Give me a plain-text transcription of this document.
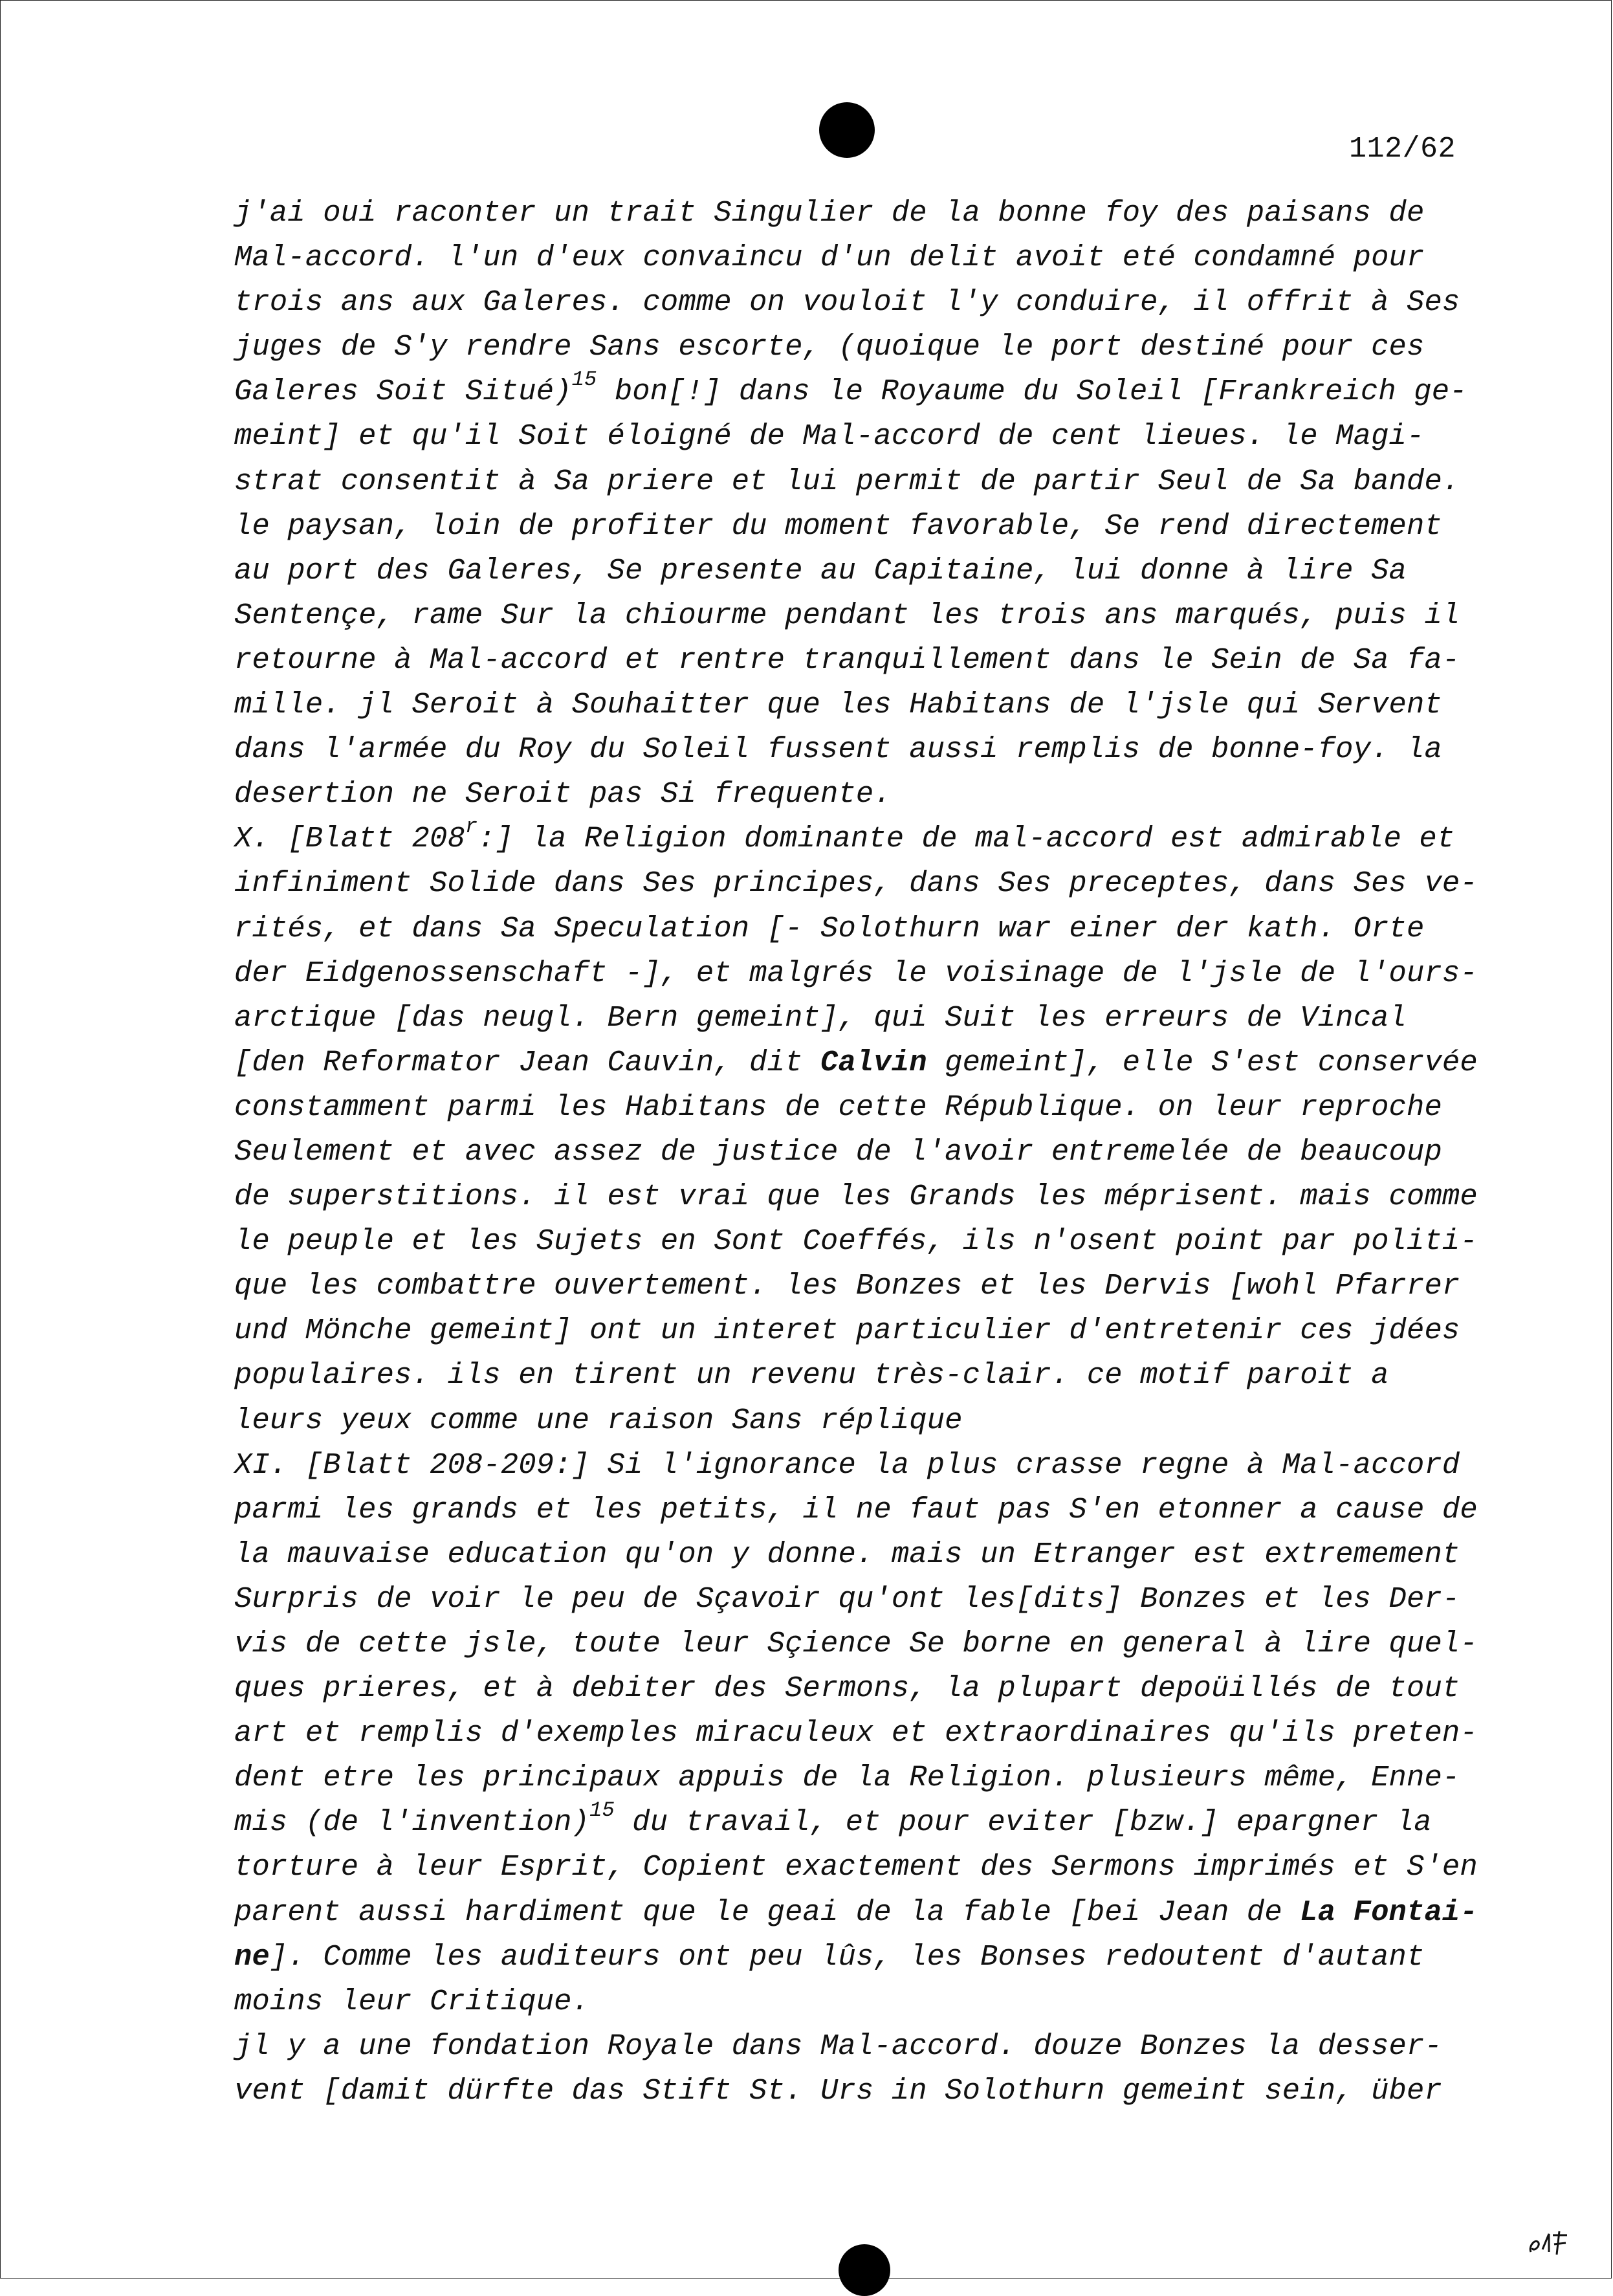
112/62
j'ai oui raconter un trait Singulier de la bonne foy des paisans de
Mal-accord. l'un d'eux convaincu d'un delit avoit eté condamné pour
trois ans aux Galeres. comme on vouloit l'y conduire, il offrit à Ses
juges de S'y rendre Sans escorte, (quoique le port destiné pour ces
Galeres Soit Situé)$^{15}$ bon[!] dans le Royaume du Soleil [Frankreich ge-
meint] et qu'il Soit éloigné de Mal-accord de cent lieues. le Magi-
strat consentit à Sa priere et lui permit de partir Seul de Sa bande.
le paysan, loin de profiter du moment favorable, Se rend directement
au port des Galeres, Se presente au Capitaine, lui donne à lire Sa
Sentençe, rame Sur la chiourme pendant les trois ans marqués, puis il
retourne à Mal-accord et rentre tranquillement dans le Sein de Sa fa-
mille. jl Seroit à Souhaitter que les Habitans de l'jsle qui Servent
dans l'armée du Roy du Soleil fussent aussi remplis de bonne-foy. la
desertion ne Seroit pas Si frequente.
X. [Blatt 208$^r$:] la Religion dominante de mal-accord est admirable et
infiniment Solide dans Ses principes, dans Ses preceptes, dans Ses ve-
rités, et dans Sa Speculation [- Solothurn war einer der kath. Orte
der Eidgenossenschaft -], et malgrés le voisinage de l'jsle de l'ours-
arctique [das neugl. Bern gemeint], qui Suit les erreurs de Vincal
[den Reformator Jean Cauvin, dit Calvin gemeint], elle S'est conservée
constamment parmi les Habitans de cette République. on leur reproche
Seulement et avec assez de justice de l'avoir entremelée de beaucoup
de superstitions. il est vrai que les Grands les méprisent. mais comme
le peuple et les Sujets en Sont Coeffés, ils n'osent point par politi-
que les combattre ouvertement. les Bonzes et les Dervis [wohl Pfarrer
und Mönche gemeint] ont un interet particulier d'entretenir ces jdées
populaires. ils en tirent un revenu très-clair. ce motif paroit a
leurs yeux comme une raison Sans réplique
XI. [Blatt 208-209:] Si l'ignorance la plus crasse regne à Mal-accord
parmi les grands et les petits, il ne faut pas S'en etonner a cause de
la mauvaise education qu'on y donne. mais un Etranger est extremement
Surpris de voir le peu de Sçavoir qu'ont les[dits] Bonzes et les Der-
vis de cette jsle, toute leur Sçience Se borne en general à lire quel-
ques prieres, et à debiter des Sermons, la plupart depoüillés de tout
art et remplis d'exemples miraculeux et extraordinaires qu'ils preten-
dent etre les principaux appuis de la Religion. plusieurs même, Enne-
mis (de l'invention)$^{15}$ du travail, et pour eviter [bzw.] epargner la
torture à leur Esprit, Copient exactement des Sermons imprimés et S'en
parent aussi hardiment que le geai de la fable [bei Jean de La Fontai-
ne]. Comme les auditeurs ont peu lûs, les Bonses redoutent d'autant
moins leur Critique.
jl y a une fondation Royale dans Mal-accord. douze Bonzes la desser-
vent [damit dürfte das Stift St. Urs in Solothurn gemeint sein, über
